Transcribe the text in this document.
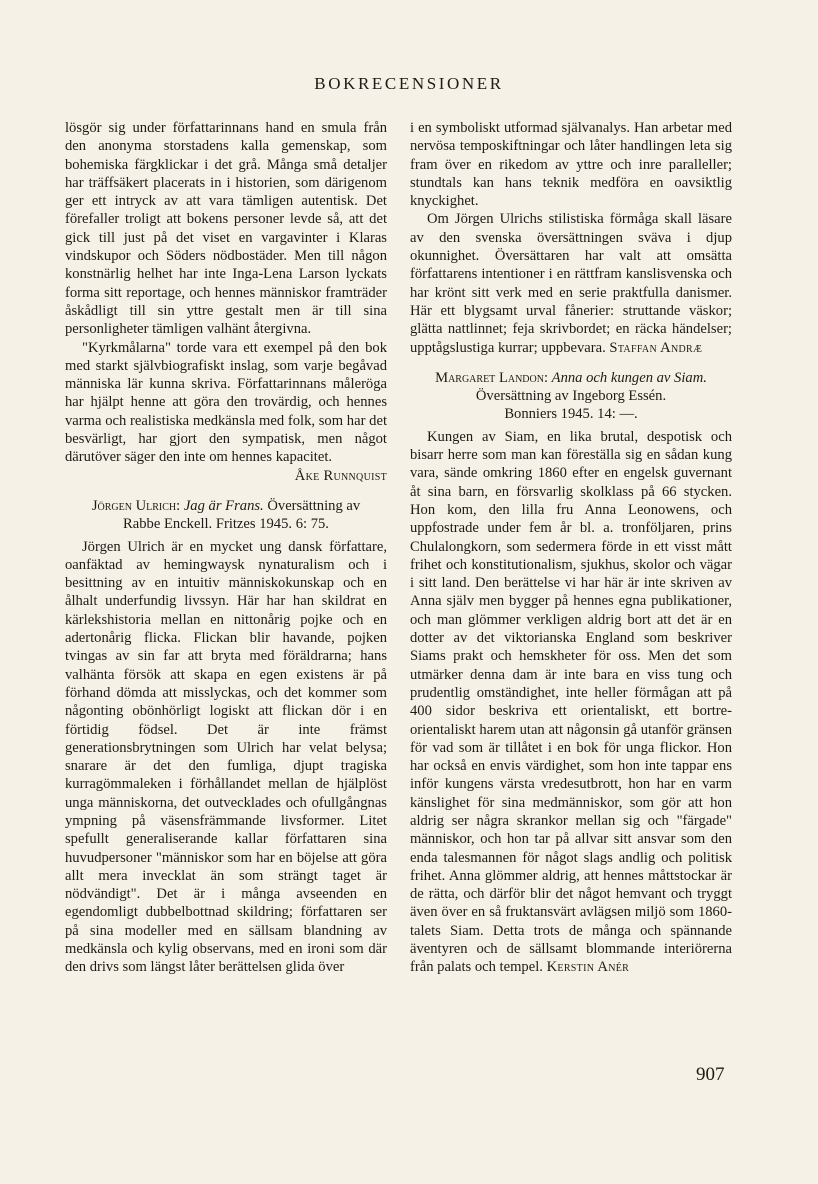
BOKRECENSIONER

lösgör sig under författarinnans hand en smula från den anonyma storstadens kalla gemenskap, som bohemiska färgklickar i det grå. Många små detaljer har träffsäkert placerats in i historien, som därigenom ger ett intryck av att vara tämligen autentisk. Det förefaller troligt att bokens personer levde så, att det gick till just på det viset en vargavinter i Klaras vindskupor och Söders nödbostäder. Men till någon konstnärlig helhet har inte Inga-Lena Larson lyckats forma sitt reportage, och hennes människor framträder åskådligt till sin yttre gestalt men är till sina personligheter tämligen valhänt återgivna.

"Kyrkmålarna" torde vara ett exempel på den bok med starkt självbiografiskt inslag, som varje begåvad människa lär kunna skriva. Författarinnans måleröga har hjälpt henne att göra den trovärdig, och hennes varma och realistiska medkänsla med folk, som har det besvärligt, har gjort den sympatisk, men något därutöver säger den inte om hennes kapacitet.

Åke Runnquist

Jörgen Ulrich: Jag är Frans. Översättning av
Rabbe Enckell. Fritzes 1945. 6: 75.

Jörgen Ulrich är en mycket ung dansk författare, oanfäktad av hemingwaysk nynaturalism och i besittning av en intuitiv människokunskap och en ålhalt underfundig livssyn. Här har han skildrat en kärlekshistoria mellan en nittonårig pojke och en adertonårig flicka. Flickan blir havande, pojken tvingas av sin far att bryta med föräldrarna; hans valhänta försök att skapa en egen existens är på förhand dömda att misslyckas, och det kommer som någonting obönhörligt logiskt att flickan dör i en förtidig födsel. Det är inte främst generationsbrytningen som Ulrich har velat belysa; snarare är det den fumliga, djupt tragiska kurragömmaleken i förhållandet mellan de hjälplöst unga människorna, det outvecklades och ofullgångnas ympning på väsensfrämmande livsformer. Litet spefullt generaliserande kallar författaren sina huvudpersoner "människor som har en böjelse att göra allt mera invecklat än som strängt taget är nödvändigt". Det är i många avseenden en egendomligt dubbelbottnad skildring; författaren ser på sina modeller med en sällsam blandning av medkänsla och kylig observans, med en ironi som där den drivs som längst låter berättelsen glida över

i en symboliskt utformad självanalys. Han arbetar med nervösa temposkiftningar och låter handlingen leta sig fram över en rikedom av yttre och inre paralleller; stundtals kan hans teknik medföra en oavsiktlig knyckighet.

Om Jörgen Ulrichs stilistiska förmåga skall läsare av den svenska översättningen sväva i djup okunnighet. Översättaren har valt att omsätta författarens intentioner i en rättfram kanslisvenska och har krönt sitt verk med en serie praktfulla danismer. Här ett blygsamt urval fånerier: struttande väskor; glätta nattlinnet; feja skrivbordet; en räcka händelser; upptågslustiga kurrar; uppbevara. Staffan Andræ

Margaret Landon: Anna och kungen av Siam.
Översättning av Ingeborg Essén.
Bonniers 1945. 14: —.

Kungen av Siam, en lika brutal, despotisk och bisarr herre som man kan föreställa sig en sådan kung vara, sände omkring 1860 efter en engelsk guvernant åt sina barn, en försvarlig skolklass på 66 stycken. Hon kom, den lilla fru Anna Leonowens, och uppfostrade under fem år bl. a. tronföljaren, prins Chulalongkorn, som sedermera förde in ett visst mått frihet och konstitutionalism, sjukhus, skolor och vägar i sitt land. Den berättelse vi har här är inte skriven av Anna själv men bygger på hennes egna publikationer, och man glömmer verkligen aldrig bort att det är en dotter av det viktorianska England som beskriver Siams prakt och hemskheter för oss. Men det som utmärker denna dam är inte bara en viss tung och prudentlig omständighet, inte heller förmågan att på 400 sidor beskriva ett orientaliskt, ett bortre-orientaliskt harem utan att någonsin gå utanför gränsen för vad som är tillåtet i en bok för unga flickor. Hon har också en envis värdighet, som hon inte tappar ens inför kungens värsta vredesutbrott, hon har en varm känslighet för sina medmänniskor, som gör att hon aldrig ser några skrankor mellan sig och "färgade" människor, och hon tar på allvar sitt ansvar som den enda talesmannen för något slags andlig och politisk frihet. Anna glömmer aldrig, att hennes måttstockar är de rätta, och därför blir det något hemvant och tryggt även över en så fruktansvärt avlägsen miljö som 1860-talets Siam. Detta trots de många och spännande äventyren och de sällsamt blommande interiörerna från palats och tempel. Kerstin Anér

907
